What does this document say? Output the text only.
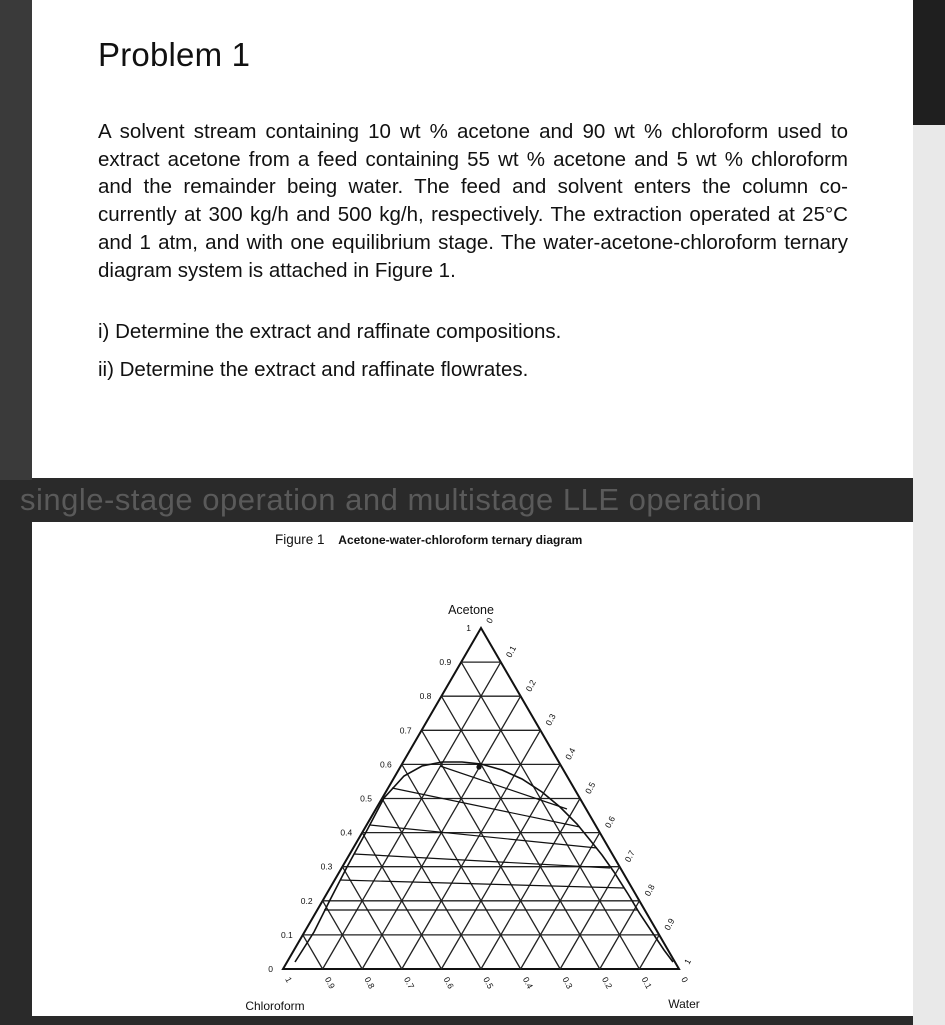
Problem 1
A solvent stream containing 10 wt % acetone and 90 wt % chloroform used to extract acetone from a feed containing 55 wt % acetone and 5 wt % chloroform and the remainder being water. The feed and solvent enters the column co-currently at 300 kg/h and 500 kg/h, respectively. The extraction operated at 25°C and 1 atm, and with one equilibrium stage. The water-acetone-chloroform ternary diagram system is attached in Figure 1.
i) Determine the extract and raffinate compositions.
ii) Determine the extract and raffinate flowrates.
single-stage operation and multistage LLE operation
Figure 1 Acetone-water-chloroform ternary diagram
0
0.1
0.2
0.3
0.4
0.5
0.6
0.7
0.8
0.9
1
0
0.1
0.2
0.3
0.4
0.5
0.6
0.7
0.8
0.9
1
1	0.9	0.8	0.7	0.6	0.5	0.4	0.3	0.2	0.1	0
Acetone
Chloroform	Water
